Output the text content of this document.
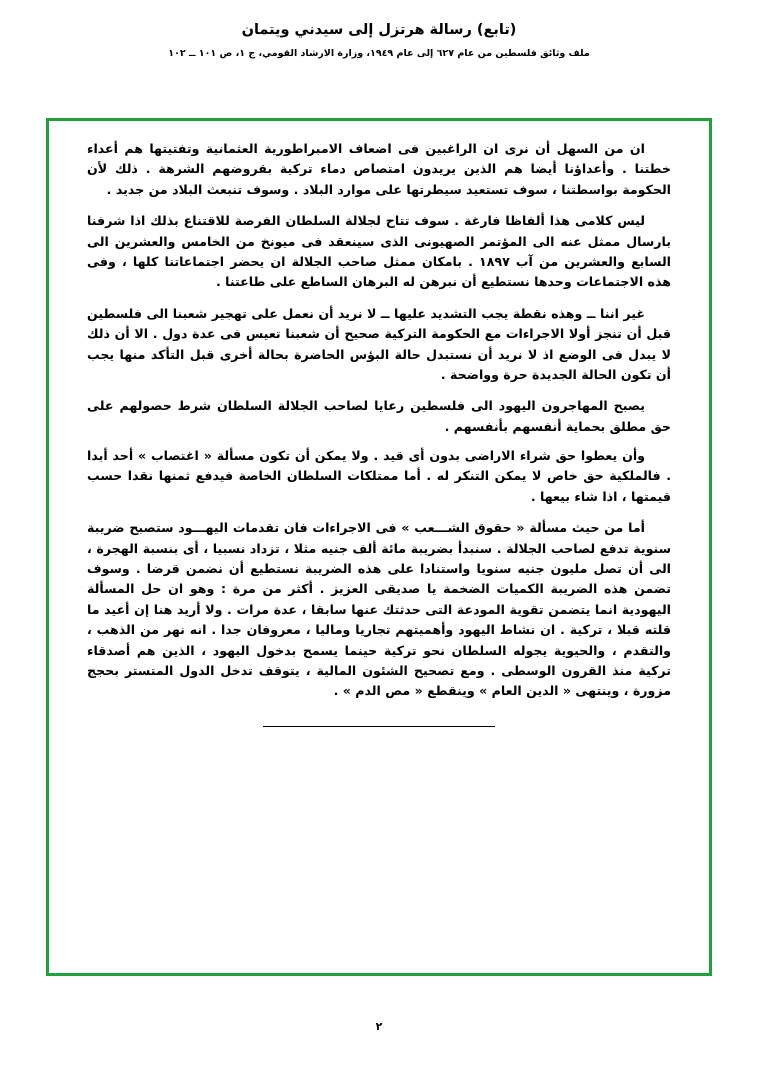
(تابع) رسالة هرتزل إلى سيدني ويتمان
ملف وثائق فلسطين من عام ٦٢٧ إلى عام ١٩٤٩، وزارة الارشاد القومي، ج ١، ص ١٠١ ــ ١٠٢

ان من السهل أن نرى ان الراغبين فى اضعاف الامبراطورية العثمانية وتفتيتها هم أعداء خطتنا . وأعداؤنا أيضا هم الذين يريدون امتصاص دماء تركية بقروضهم الشرهة . ذلك لأن الحكومة بواسطتنا ، سوف تستعيد سيطرتها على موارد البلاد . وسوف تنبعث البلاد من جديد .

ليس كلامى هذا ألفاظا فارغة . سوف تتاح لجلالة السلطان الفرصة للاقتناع بذلك اذا شرفنا بارسال ممثل عنه الى المؤتمر الصهيونى الذى سينعقد فى ميونخ من الخامس والعشرين الى السابع والعشرين من آب ١٨٩٧ . بامكان ممثل صاحب الجلالة ان يحضر اجتماعاتنا كلها ، وفى هذه الاجتماعات وحدها نستطيع أن نبرهن له البرهان الساطع على طاعتنا .

غير اننا ــ وهذه نقطة يجب التشديد عليها ــ لا نريد أن نعمل على تهجير شعبنا الى فلسطين قبل أن تنجز أولا الاجراءات مع الحكومة التركية صحيح أن شعبنا تعيس فى عدة دول . الا أن ذلك لا يبدل فى الوضع اذ لا نريد أن نستبدل حالة البؤس الحاضرة بحالة أخرى قبل التأكد منها يجب أن تكون الحالة الجديدة حرة وواضحة .

يصبح المهاجرون اليهود الى فلسطين رعايا لصاحب الجلالة السلطان شرط حصولهم على حق مطلق بحماية أنفسهم بأنفسهم .

وأن يعطوا حق شراء الاراضى بدون أى قيد . ولا يمكن أن تكون مسألة « اغتصاب » أحد أبدا . فالملكية حق خاص لا يمكن التنكر له . أما ممتلكات السلطان الخاصة فيدفع ثمنها نقدا حسب قيمتها ، اذا شاء بيعها .

أما من حيث مسألة « حقوق الشـــعب » فى الاجراءات فان تقدمات اليهـــود ستصبح ضريبة سنوية تدفع لصاحب الجلالة . سنبدأ بضريبة مائة ألف جنيه مثلا ، تزداد نسبيا ، أى بنسبة الهجرة ، الى أن تصل مليون جنيه سنويا واستنادا على هذه الضريبة نستطيع أن نضمن قرضا . وسوف تضمن هذه الضريبة الكميات الضخمة يا صديقى العزيز . أكثر من مرة : وهو ان حل المسألة اليهودية انما يتضمن تقوية المودعة التى حدثتك عنها سابقا ، عدة مرات . ولا أريد هنا إن أعيد ما قلته قبلا ، تركية . ان نشاط اليهود وأهميتهم تجاريا وماليا ، معروفان جدا . انه نهر من الذهب ، والتقدم ، والحيوية يجوله السلطان نحو تركية حينما يسمح بدخول اليهود ، الذين هم أصدقاء تركية منذ القرون الوسطى . ومع تصحيح الشئون المالية ، يتوقف تدخل الدول المتستر بحجج مزورة ، وينتهى « الدين العام » وينقطع « مص الدم » .

٢
